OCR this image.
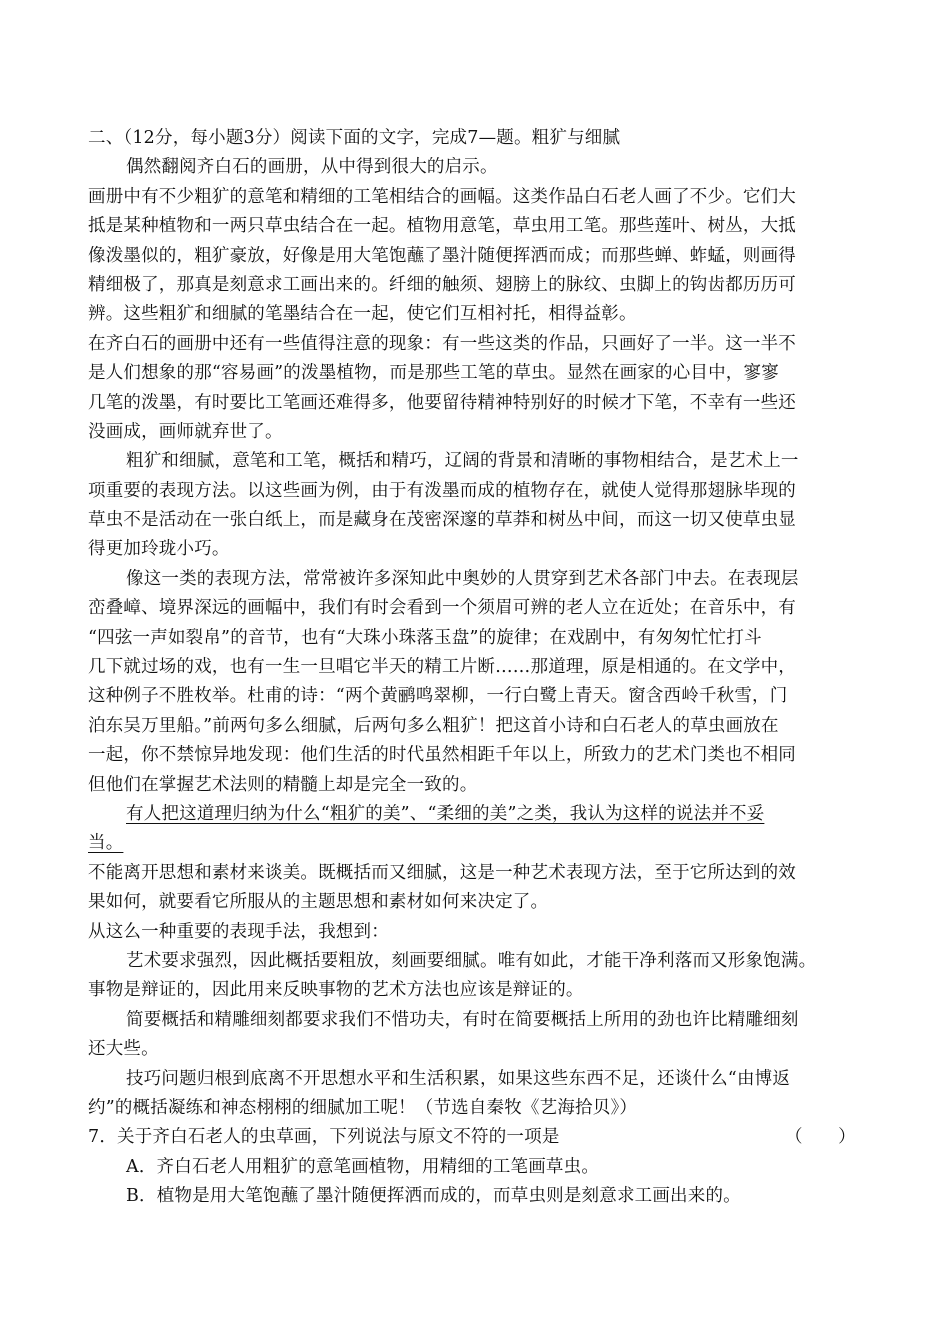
二、（12分，每小题3分）阅读下面的文字，完成7—题。粗犷与细腻
偶然翻阅齐白石的画册，从中得到很大的启示。
画册中有不少粗犷的意笔和精细的工笔相结合的画幅。这类作品白石老人画了不少。它们大
抵是某种植物和一两只草虫结合在一起。植物用意笔，草虫用工笔。那些莲叶、树丛，大抵
像泼墨似的，粗犷豪放，好像是用大笔饱蘸了墨汁随便挥洒而成；而那些蝉、蚱蜢，则画得
精细极了，那真是刻意求工画出来的。纤细的触须、翅膀上的脉纹、虫脚上的钩齿都历历可
辨。这些粗犷和细腻的笔墨结合在一起，使它们互相衬托，相得益彰。
在齐白石的画册中还有一些值得注意的现象：有一些这类的作品，只画好了一半。这一半不
是人们想象的那“容易画”的泼墨植物，而是那些工笔的草虫。显然在画家的心目中，寥寥
几笔的泼墨，有时要比工笔画还难得多，他要留待精神特别好的时候才下笔，不幸有一些还
没画成，画师就弃世了。
粗犷和细腻，意笔和工笔，概括和精巧，辽阔的背景和清晰的事物相结合，是艺术上一
项重要的表现方法。以这些画为例，由于有泼墨而成的植物存在，就使人觉得那翅脉毕现的
草虫不是活动在一张白纸上，而是藏身在茂密深邃的草莽和树丛中间，而这一切又使草虫显
得更加玲珑小巧。
像这一类的表现方法，常常被许多深知此中奥妙的人贯穿到艺术各部门中去。在表现层
峦叠嶂、境界深远的画幅中，我们有时会看到一个须眉可辨的老人立在近处；在音乐中，有
“四弦一声如裂帛”的音节，也有“大珠小珠落玉盘”的旋律；在戏剧中，有匆匆忙忙打斗
几下就过场的戏，也有一生一旦唱它半天的精工片断……那道理，原是相通的。在文学中，
这种例子不胜枚举。杜甫的诗：“两个黄鹂鸣翠柳，一行白鹭上青天。窗含西岭千秋雪，门
泊东吴万里船。”前两句多么细腻，后两句多么粗犷！把这首小诗和白石老人的草虫画放在
一起，你不禁惊异地发现：他们生活的时代虽然相距千年以上，所致力的艺术门类也不相同
但他们在掌握艺术法则的精髓上却是完全一致的。
有人把这道理归纳为什么“粗犷的美”、“柔细的美”之类，我认为这样的说法并不妥
当。
不能离开思想和素材来谈美。既概括而又细腻，这是一种艺术表现方法，至于它所达到的效
果如何，就要看它所服从的主题思想和素材如何来决定了。
从这么一种重要的表现手法，我想到：
艺术要求强烈，因此概括要粗放，刻画要细腻。唯有如此，才能干净利落而又形象饱满。
事物是辩证的，因此用来反映事物的艺术方法也应该是辩证的。
简要概括和精雕细刻都要求我们不惜功夫，有时在简要概括上所用的劲也许比精雕细刻
还大些。
技巧问题归根到底离不开思想水平和生活积累，如果这些东西不足，还谈什么“由博返
约”的概括凝练和神态栩栩的细腻加工呢！（节选自秦牧《艺海拾贝》）
7．关于齐白石老人的虫草画，下列说法与原文不符的一项是	（　　）
A．齐白石老人用粗犷的意笔画植物，用精细的工笔画草虫。
B．植物是用大笔饱蘸了墨汁随便挥洒而成的，而草虫则是刻意求工画出来的。
